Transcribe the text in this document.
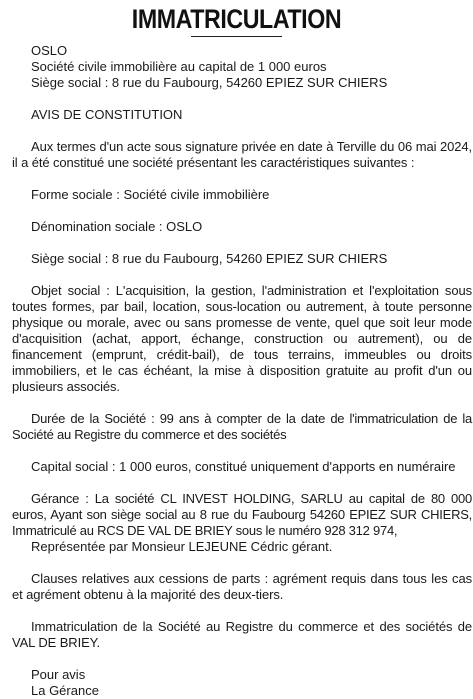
IMMATRICULATION

OSLO

Société civile immobilière au capital de 1 000 euros

Siège social : 8 rue du Faubourg, 54260 EPIEZ SUR CHIERS

AVIS DE CONSTITUTION

Aux termes d'un acte sous signature privée en date à Terville du 06 mai 2024, il a été constitué une société présentant les caractéristiques suivantes :

Forme sociale : Société civile immobilière

Dénomination sociale : OSLO

Siège social : 8 rue du Faubourg, 54260 EPIEZ SUR CHIERS

Objet social : L'acquisition, la gestion, l'administration et l'exploitation sous toutes formes, par bail, location, sous-location ou autrement, à toute personne physique ou morale, avec ou sans promesse de vente, quel que soit leur mode d'acquisition (achat, apport, échange, construction ou autrement), ou de financement (emprunt, crédit-bail), de tous terrains, immeubles ou droits immobiliers, et le cas échéant, la mise à disposition gratuite au profit d'un ou plusieurs associés.

Durée de la Société : 99 ans à compter de la date de l'immatriculation de la Société au Registre du commerce et des sociétés

Capital social : 1 000 euros, constitué uniquement d'apports en numéraire

Gérance : La société CL INVEST HOLDING, SARLU au capital de 80 000 euros, Ayant son siège social au 8 rue du Faubourg 54260 EPIEZ SUR CHIERS, Immatriculé au RCS DE VAL DE BRIEY sous le numéro 928 312 974,

Représentée par Monsieur LEJEUNE Cédric gérant.

Clauses relatives aux cessions de parts : agrément requis dans tous les cas et agrément obtenu à la majorité des deux-tiers.

Immatriculation de la Société au Registre du commerce et des sociétés de VAL DE BRIEY.

Pour avis

La Gérance
